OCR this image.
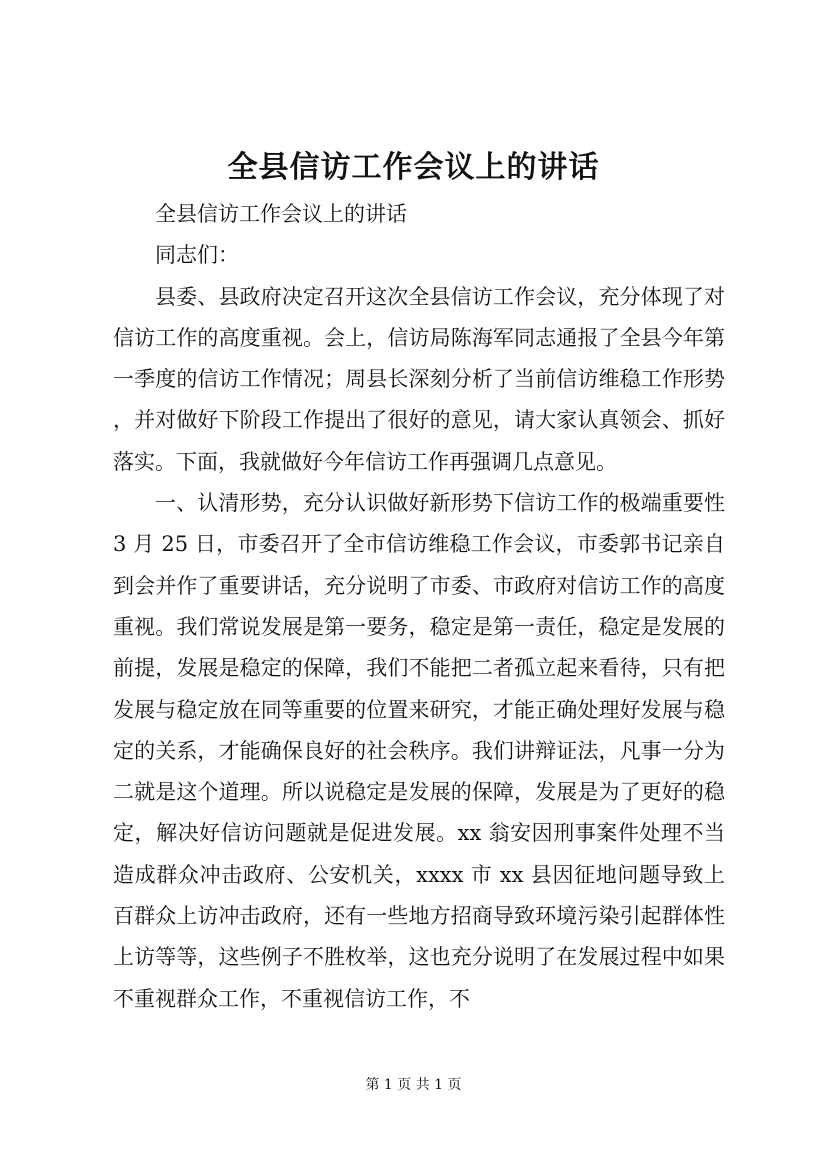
全县信访工作会议上的讲话

全县信访工作会议上的讲话

同志们：

县委、县政府决定召开这次全县信访工作会议，充分体现了对信访工作的高度重视。会上，信访局陈海军同志通报了全县今年第一季度的信访工作情况；周县长深刻分析了当前信访维稳工作形势，并对做好下阶段工作提出了很好的意见，请大家认真领会、抓好落实。下面，我就做好今年信访工作再强调几点意见。

一、认清形势，充分认识做好新形势下信访工作的极端重要性 3 月 25 日，市委召开了全市信访维稳工作会议，市委郭书记亲自到会并作了重要讲话，充分说明了市委、市政府对信访工作的高度重视。我们常说发展是第一要务，稳定是第一责任，稳定是发展的前提，发展是稳定的保障，我们不能把二者孤立起来看待，只有把发展与稳定放在同等重要的位置来研究，才能正确处理好发展与稳定的关系，才能确保良好的社会秩序。我们讲辩证法，凡事一分为二就是这个道理。所以说稳定是发展的保障，发展是为了更好的稳定，解决好信访问题就是促进发展。xx 翁安因刑事案件处理不当造成群众冲击政府、公安机关，xxxx 市 xx 县因征地问题导致上百群众上访冲击政府，还有一些地方招商导致环境污染引起群体性上访等等，这些例子不胜枚举，这也充分说明了在发展过程中如果不重视群众工作，不重视信访工作，不

第 1 页 共 1 页
